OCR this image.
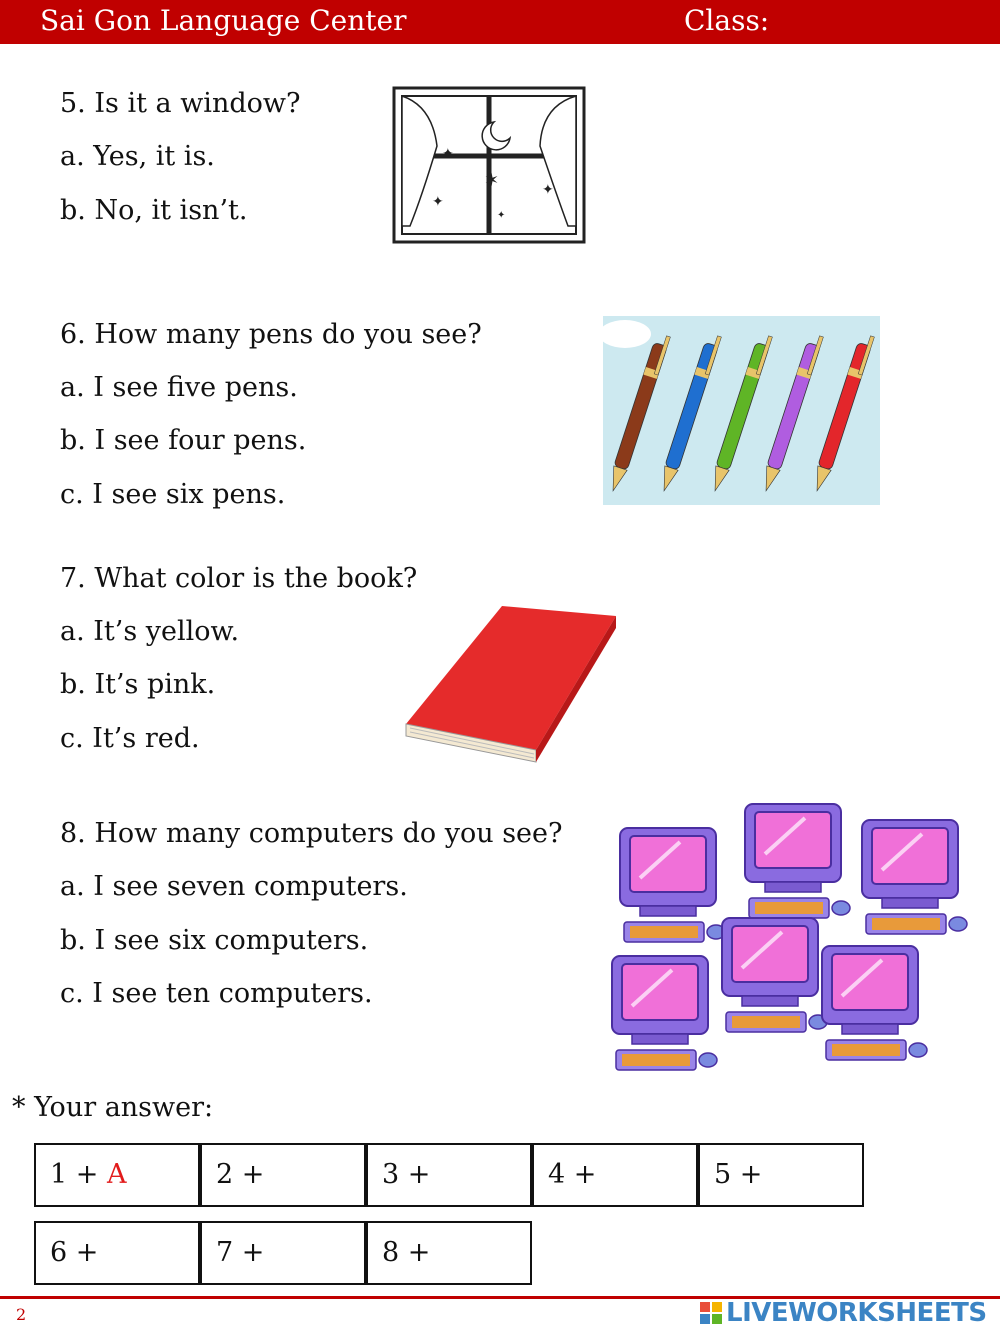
Sai Gon Language Center	Class:
5. Is it a window?
a. Yes, it is.
b. No, it isn’t.
✦
✶
✦
✦
✦
6. How many pens do you see?
a. I see five pens.
b. I see four pens.
c. I see six pens.
7. What color is the book?
a. It’s yellow.
b. It’s pink.
c. It’s red.
8. How many computers do you see?
a. I see seven computers.
b. I see six computers.
c. I see ten computers.
* Your answer:
1 + A	2 +	3 +	4 +	5 +
6 +	7 +	8 +
2	LIVEWORKSHEETS
